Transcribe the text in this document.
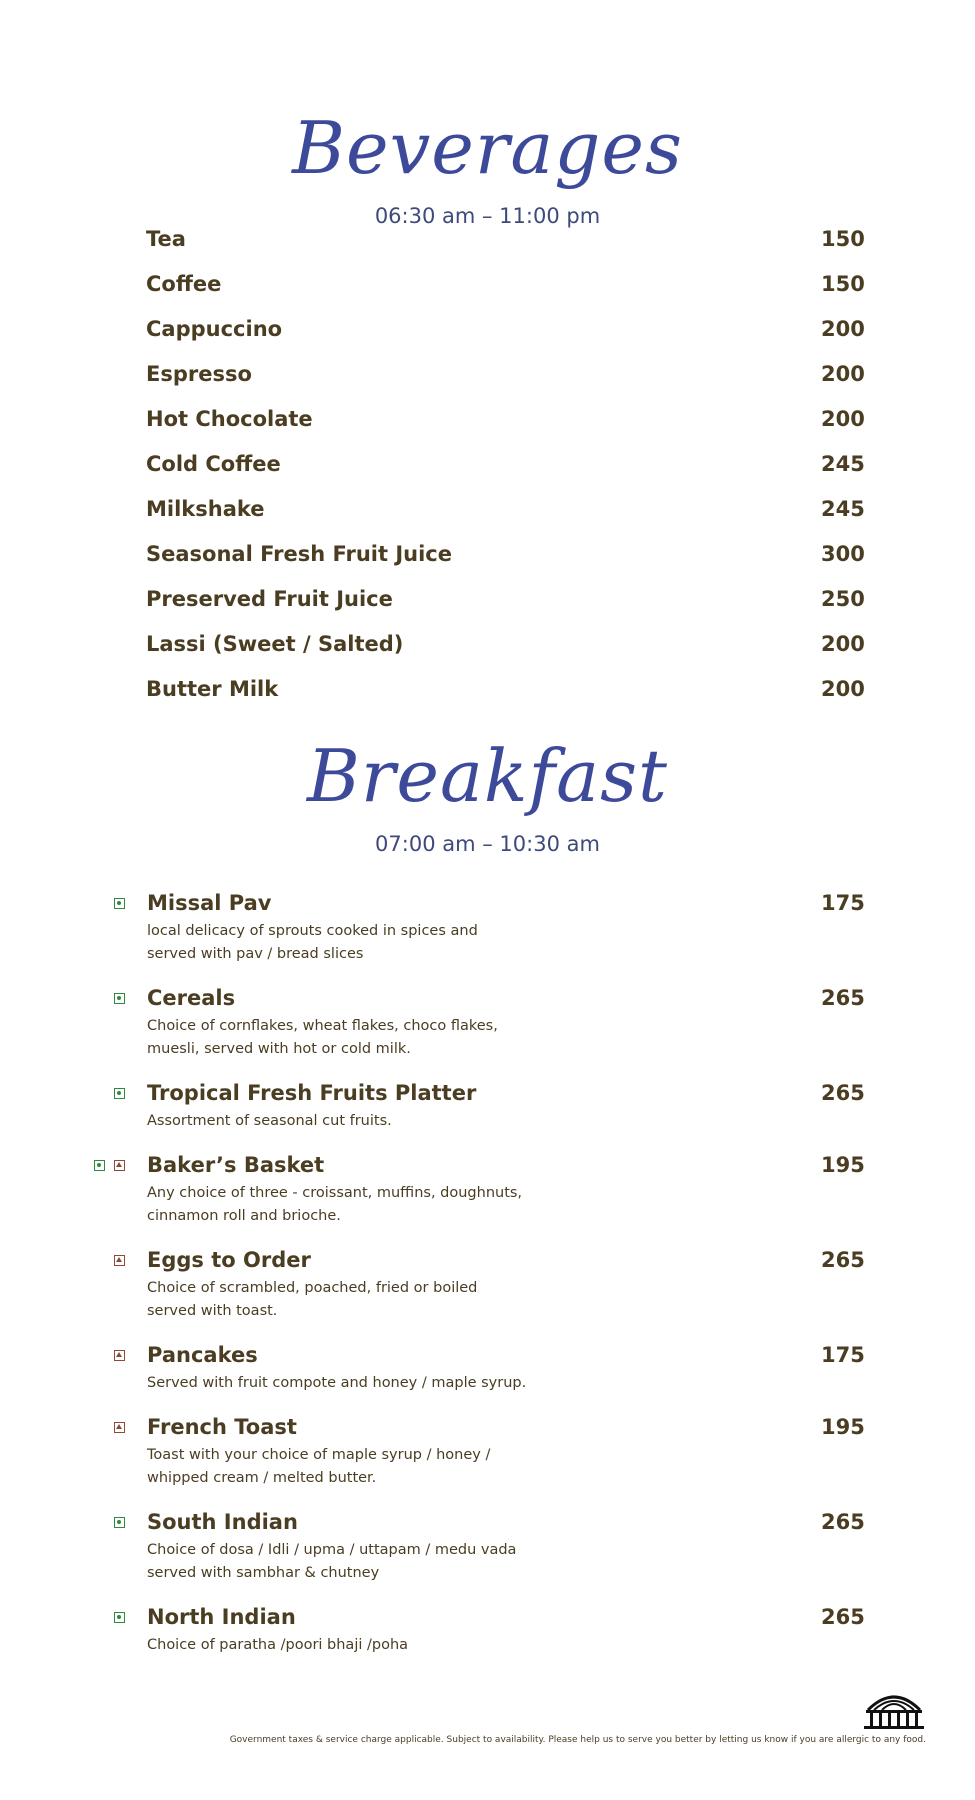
Beverages
06:30 am – 11:00 pm
Tea	150
Coffee	150
Cappuccino	200
Espresso	200
Hot Chocolate	200
Cold Coffee	245
Milkshake	245
Seasonal Fresh Fruit Juice	300
Preserved Fruit Juice	250
Lassi (Sweet / Salted)	200
Butter Milk	200
Breakfast
07:00 am – 10:30 am
Missal Pav	175
local delicacy of sprouts cooked in spices and
served with pav / bread slices
Cereals	265
Choice of cornflakes, wheat flakes, choco flakes,
muesli, served with hot or cold milk.
Tropical Fresh Fruits Platter	265
Assortment of seasonal cut fruits.
Baker’s Basket	195
Any choice of three - croissant, muffins, doughnuts,
cinnamon roll and brioche.
Eggs to Order	265
Choice of scrambled, poached, fried or boiled
served with toast.
Pancakes	175
Served with fruit compote and honey / maple syrup.
French Toast	195
Toast with your choice of maple syrup / honey /
whipped cream / melted butter.
South Indian	265
Choice of dosa / Idli / upma / uttapam / medu vada
served with sambhar & chutney
North Indian	265
Choice of paratha /poori bhaji /poha
Government taxes & service charge applicable. Subject to availability. Please help us to serve you better by letting us know if you are allergic to any food.
